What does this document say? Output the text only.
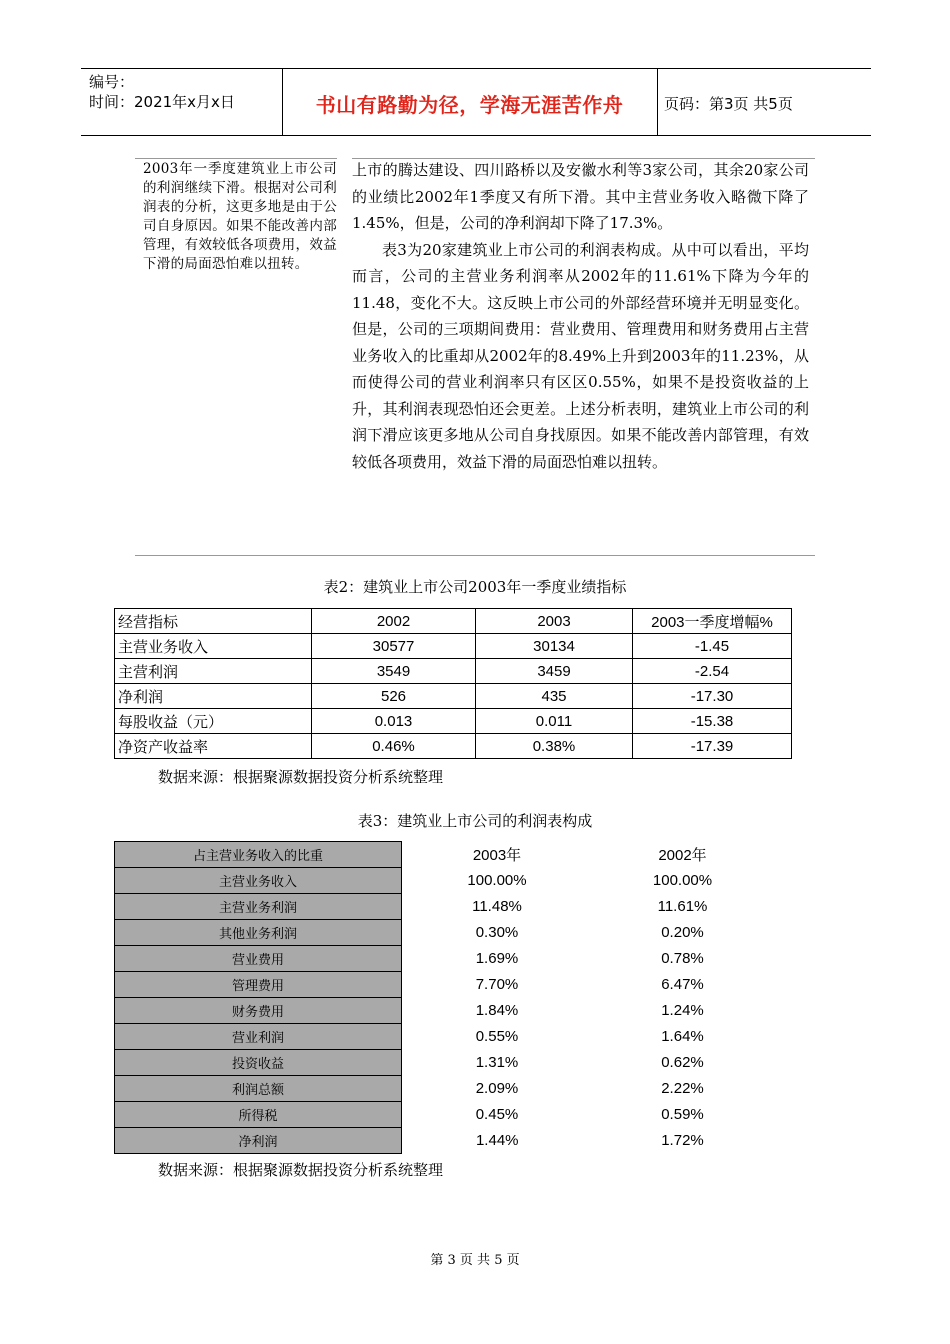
编号：
时间：2021年x月x日	书山有路勤为径，学海无涯苦作舟	页码：第3页 共5页
2003年一季度建筑业上市公司的利润继续下滑。根据对公司利润表的分析，这更多地是由于公司自身原因。如果不能改善内部管理，有效较低各项费用，效益下滑的局面恐怕难以扭转。

上市的腾达建设、四川路桥以及安徽水利等3家公司，其余20家公司的业绩比2002年1季度又有所下滑。其中主营业务收入略微下降了1.45%，但是，公司的净利润却下降了17.3%。

表3为20家建筑业上市公司的利润表构成。从中可以看出，平均而言，公司的主营业务利润率从2002年的11.61%下降为今年的11.48，变化不大。这反映上市公司的外部经营环境并无明显变化。但是，公司的三项期间费用：营业费用、管理费用和财务费用占主营业务收入的比重却从2002年的8.49%上升到2003年的11.23%，从而使得公司的营业利润率只有区区0.55%，如果不是投资收益的上升，其利润表现恐怕还会更差。上述分析表明，建筑业上市公司的利润下滑应该更多地从公司自身找原因。如果不能改善内部管理，有效较低各项费用，效益下滑的局面恐怕难以扭转。

表2：建筑业上市公司2003年一季度业绩指标
经营指标	2002	2003	2003一季度增幅%
主营业务收入	30577	30134	-1.45
主营利润	3549	3459	-2.54
净利润	526	435	-17.30
每股收益（元）	0.013	0.011	-15.38
净资产收益率	0.46%	0.38%	-17.39
数据来源：根据聚源数据投资分析系统整理
表3：建筑业上市公司的利润表构成
占主营业务收入的比重	2003年	2002年
主营业务收入	100.00%	100.00%
主营业务利润	11.48%	11.61%
其他业务利润	0.30%	0.20%
营业费用	1.69%	0.78%
管理费用	7.70%	6.47%
财务费用	1.84%	1.24%
营业利润	0.55%	1.64%
投资收益	1.31%	0.62%
利润总额	2.09%	2.22%
所得税	0.45%	0.59%
净利润	1.44%	1.72%
数据来源：根据聚源数据投资分析系统整理
第 3 页 共 5 页
